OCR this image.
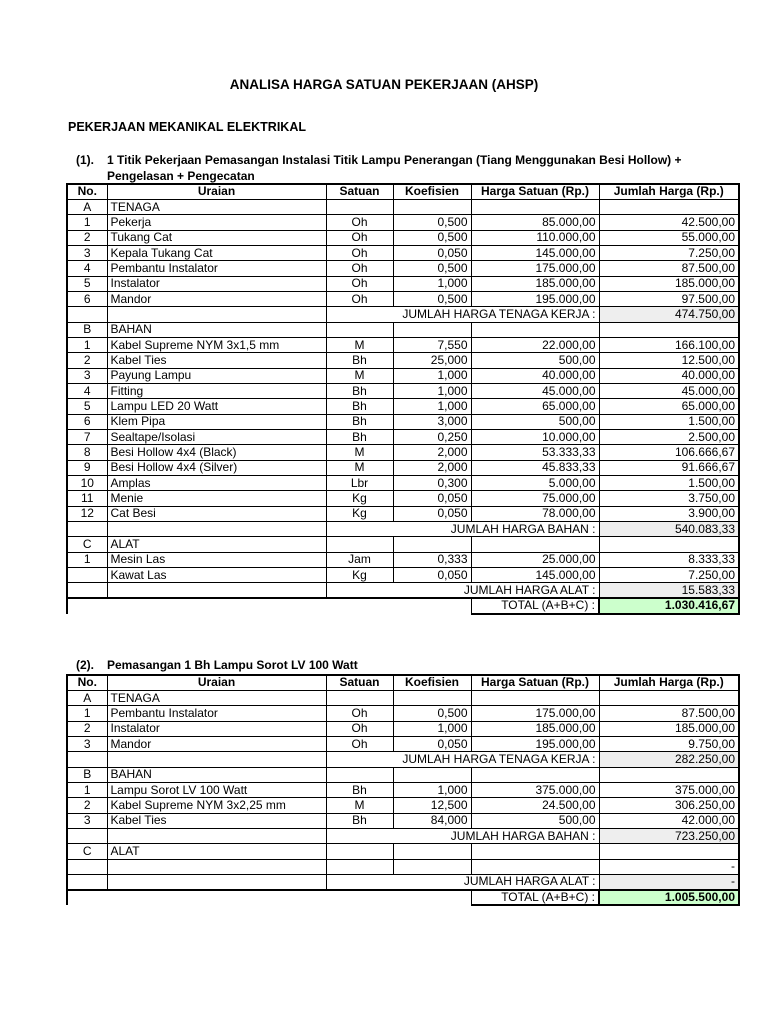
ANALISA HARGA SATUAN PEKERJAAN (AHSP)
PEKERJAAN MEKANIKAL ELEKTRIKAL
(1). 1 Titik Pekerjaan Pemasangan Instalasi Titik Lampu Penerangan (Tiang Menggunakan Besi Hollow) +
Pengelasan + Pengecatan
No.	Uraian	Satuan	Koefisien	Harga Satuan (Rp.)	Jumlah Harga (Rp.)
A	TENAGA				
1	Pekerja	Oh	0,500	85.000,00	42.500,00
2	Tukang Cat	Oh	0,500	110.000,00	55.000,00
3	Kepala Tukang Cat	Oh	0,050	145.000,00	7.250,00
4	Pembantu Instalator	Oh	0,500	175.000,00	87.500,00
5	Instalator	Oh	1,000	185.000,00	185.000,00
6	Mandor	Oh	0,500	195.000,00	97.500,00
		JUMLAH HARGA TENAGA KERJA :			474.750,00
B	BAHAN				
1	Kabel Supreme NYM 3x1,5 mm	M	7,550	22.000,00	166.100,00
2	Kabel Ties	Bh	25,000	500,00	12.500,00
3	Payung Lampu	M	1,000	40.000,00	40.000,00
4	Fitting	Bh	1,000	45.000,00	45.000,00
5	Lampu LED 20 Watt	Bh	1,000	65.000,00	65.000,00
6	Klem Pipa	Bh	3,000	500,00	1.500,00
7	Sealtape/Isolasi	Bh	0,250	10.000,00	2.500,00
8	Besi Hollow 4x4 (Black)	M	2,000	53.333,33	106.666,67
9	Besi Hollow 4x4 (Silver)	M	2,000	45.833,33	91.666,67
10	Amplas	Lbr	0,300	5.000,00	1.500,00
11	Menie	Kg	0,050	75.000,00	3.750,00
12	Cat Besi	Kg	0,050	78.000,00	3.900,00
		JUMLAH HARGA BAHAN :			540.083,33
C	ALAT				
1	Mesin Las	Jam	0,333	25.000,00	8.333,33
	Kawat Las	Kg	0,050	145.000,00	7.250,00
		JUMLAH HARGA ALAT :			15.583,33
				TOTAL (A+B+C) :	1.030.416,67
(2). Pemasangan 1 Bh Lampu Sorot LV 100 Watt
No.	Uraian	Satuan	Koefisien	Harga Satuan (Rp.)	Jumlah Harga (Rp.)
A	TENAGA				
1	Pembantu Instalator	Oh	0,500	175.000,00	87.500,00
2	Instalator	Oh	1,000	185.000,00	185.000,00
3	Mandor	Oh	0,050	195.000,00	9.750,00
		JUMLAH HARGA TENAGA KERJA :			282.250,00
B	BAHAN				
1	Lampu Sorot LV 100 Watt	Bh	1,000	375.000,00	375.000,00
2	Kabel Supreme NYM 3x2,25 mm	M	12,500	24.500,00	306.250,00
3	Kabel Ties	Bh	84,000	500,00	42.000,00
		JUMLAH HARGA BAHAN :			723.250,00
C	ALAT				
					-
		JUMLAH HARGA ALAT :			-
				TOTAL (A+B+C) :	1.005.500,00
